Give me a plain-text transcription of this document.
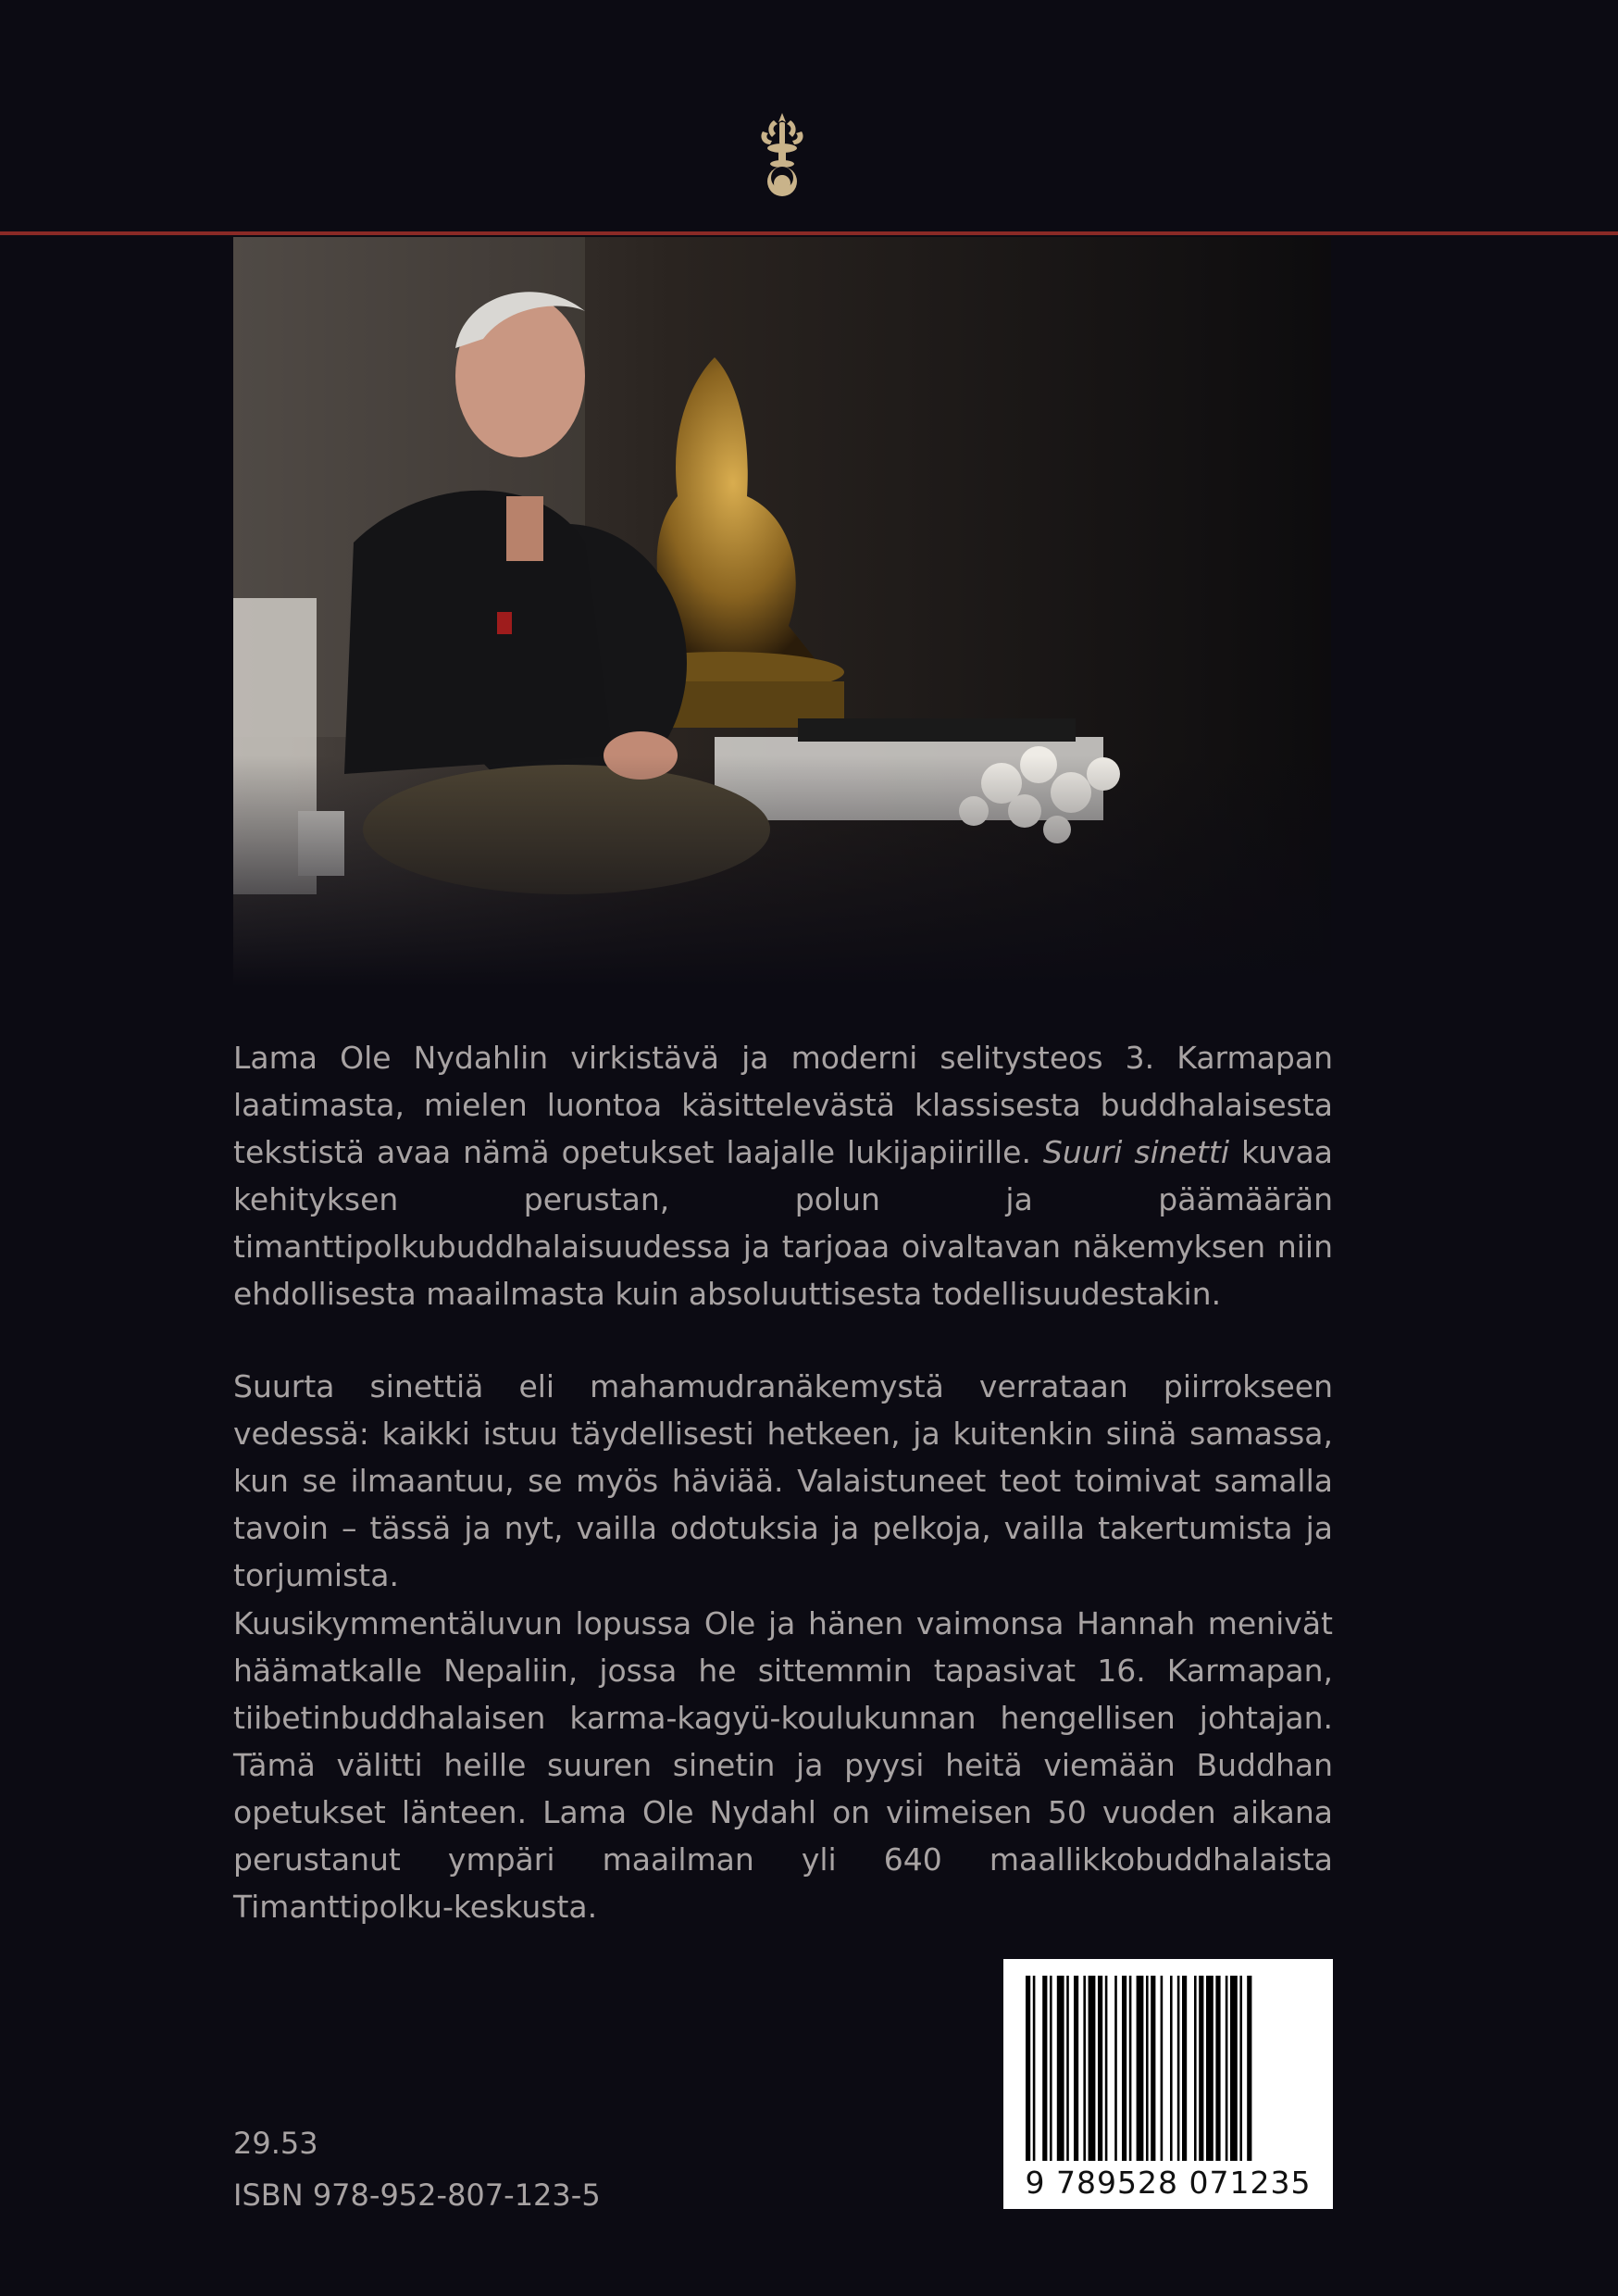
Lama Ole Nydahlin virkistävä ja moderni selitysteos 3. Karmapan laatimasta, mielen luontoa käsittelevästä klassisesta buddhalaisesta tekstistä avaa nämä opetukset laajalle lukijapiirille. Suuri sinetti kuvaa kehityksen perustan, polun ja päämäärän timanttipolkubuddhalaisuudessa ja tarjoaa oivaltavan näkemyksen niin ehdollisesta maailmasta kuin absoluuttisesta todellisuudestakin.

Suurta sinettiä eli mahamudranäkemystä verrataan piirrokseen vedessä: kaikki istuu täydellisesti hetkeen, ja kuitenkin siinä samassa, kun se ilmaantuu, se myös häviää. Valaistuneet teot toimivat samalla tavoin – tässä ja nyt, vailla odotuksia ja pelkoja, vailla takertumista ja torjumista.

Kuusikymmentäluvun lopussa Ole ja hänen vaimonsa Hannah menivät häämatkalle Nepaliin, jossa he sittemmin tapasivat 16. Karmapan, tiibetinbuddhalaisen karma-kagyü-koulukunnan hengellisen johtajan. Tämä välitti heille suuren sinetin ja pyysi heitä viemään Buddhan opetukset länteen. Lama Ole Nydahl on viimeisen 50 vuoden aikana perustanut ympäri maailman yli 640 maallikkobuddhalaista Timanttipolku-keskusta.

29.53
ISBN 978-952-807-123-5	9 789528 071235
